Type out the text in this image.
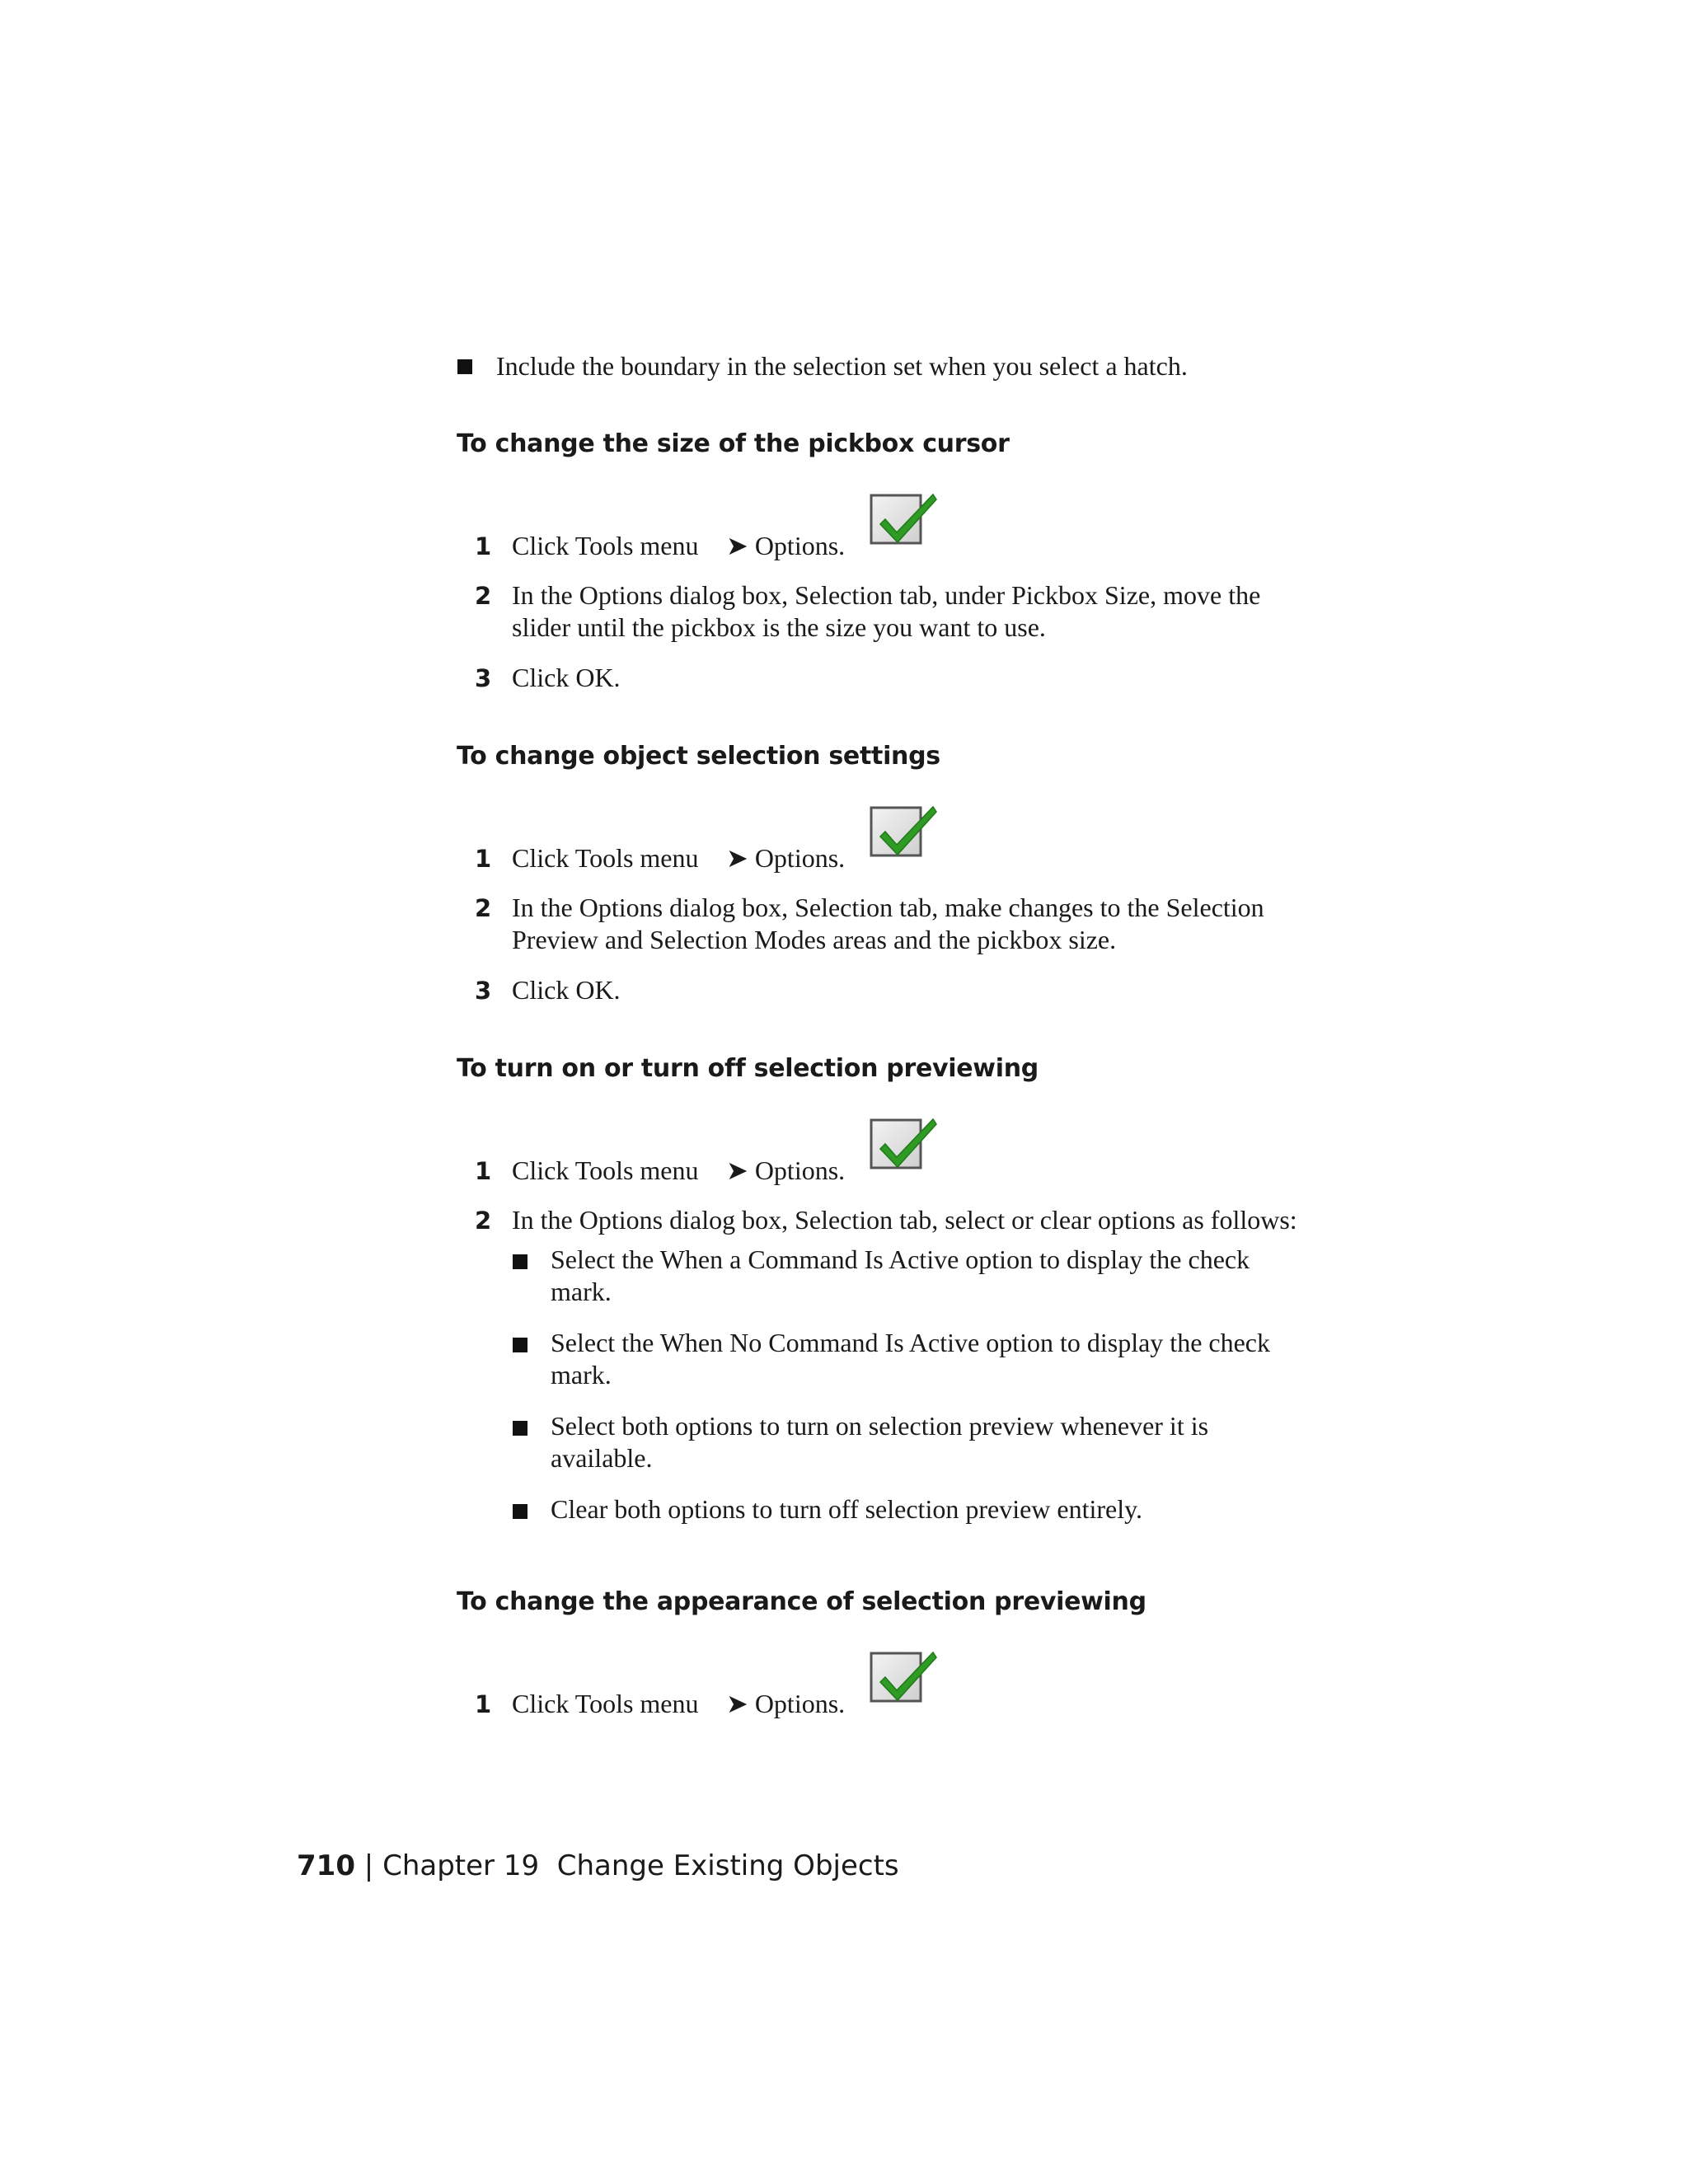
Include the boundary in the selection set when you select a hatch.
To change the size of the pickbox cursor
1 Click Tools menu ➤ Options.
2 In the Options dialog box, Selection tab, under Pickbox Size, move the
slider until the pickbox is the size you want to use.
3 Click OK.
To change object selection settings
1 Click Tools menu ➤ Options.
2 In the Options dialog box, Selection tab, make changes to the Selection
Preview and Selection Modes areas and the pickbox size.
3 Click OK.
To turn on or turn off selection previewing
1 Click Tools menu ➤ Options.
2 In the Options dialog box, Selection tab, select or clear options as follows:
Select the When a Command Is Active option to display the check
mark.
Select the When No Command Is Active option to display the check
mark.
Select both options to turn on selection preview whenever it is
available.
Clear both options to turn off selection preview entirely.
To change the appearance of selection previewing
1 Click Tools menu ➤ Options.
710 | Chapter 19 Change Existing Objects
